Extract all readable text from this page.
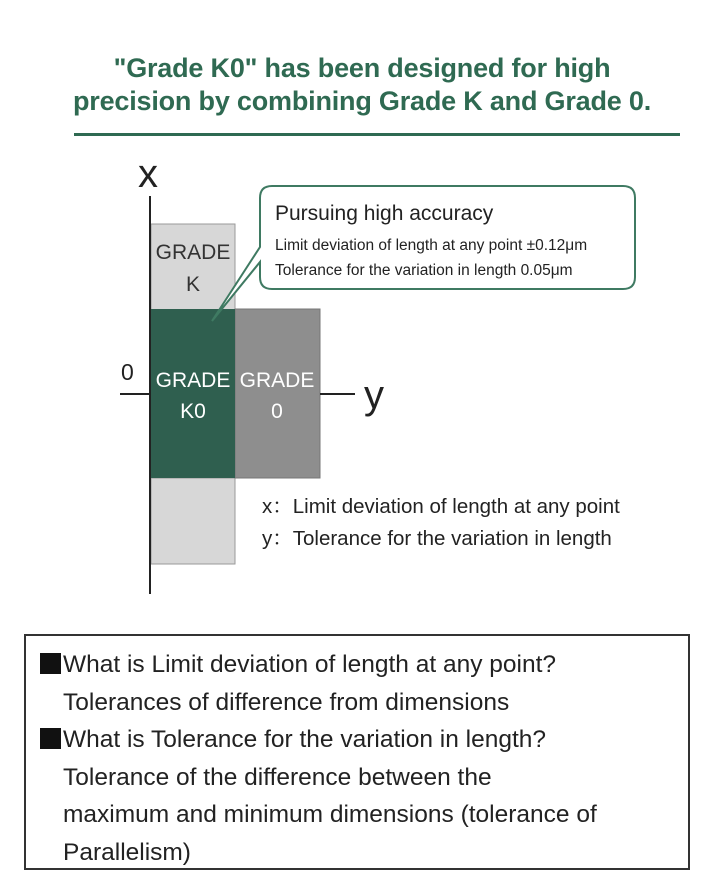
"Grade K0" has been designed for high
precision by combining Grade K and Grade 0.
x
y
0
GRADE
K
GRADE
K0
GRADE
0
Pursuing high accuracy
Limit deviation of length at any point ±0.12μm
Tolerance for the variation in length 0.05μm
x：Limit deviation of length at any point
y：Tolerance for the variation in length
What is Limit deviation of length at any point?
Tolerances of difference from dimensions
What is Tolerance for the variation in length?
Tolerance of the difference between the
maximum and minimum dimensions (tolerance of
Parallelism)
